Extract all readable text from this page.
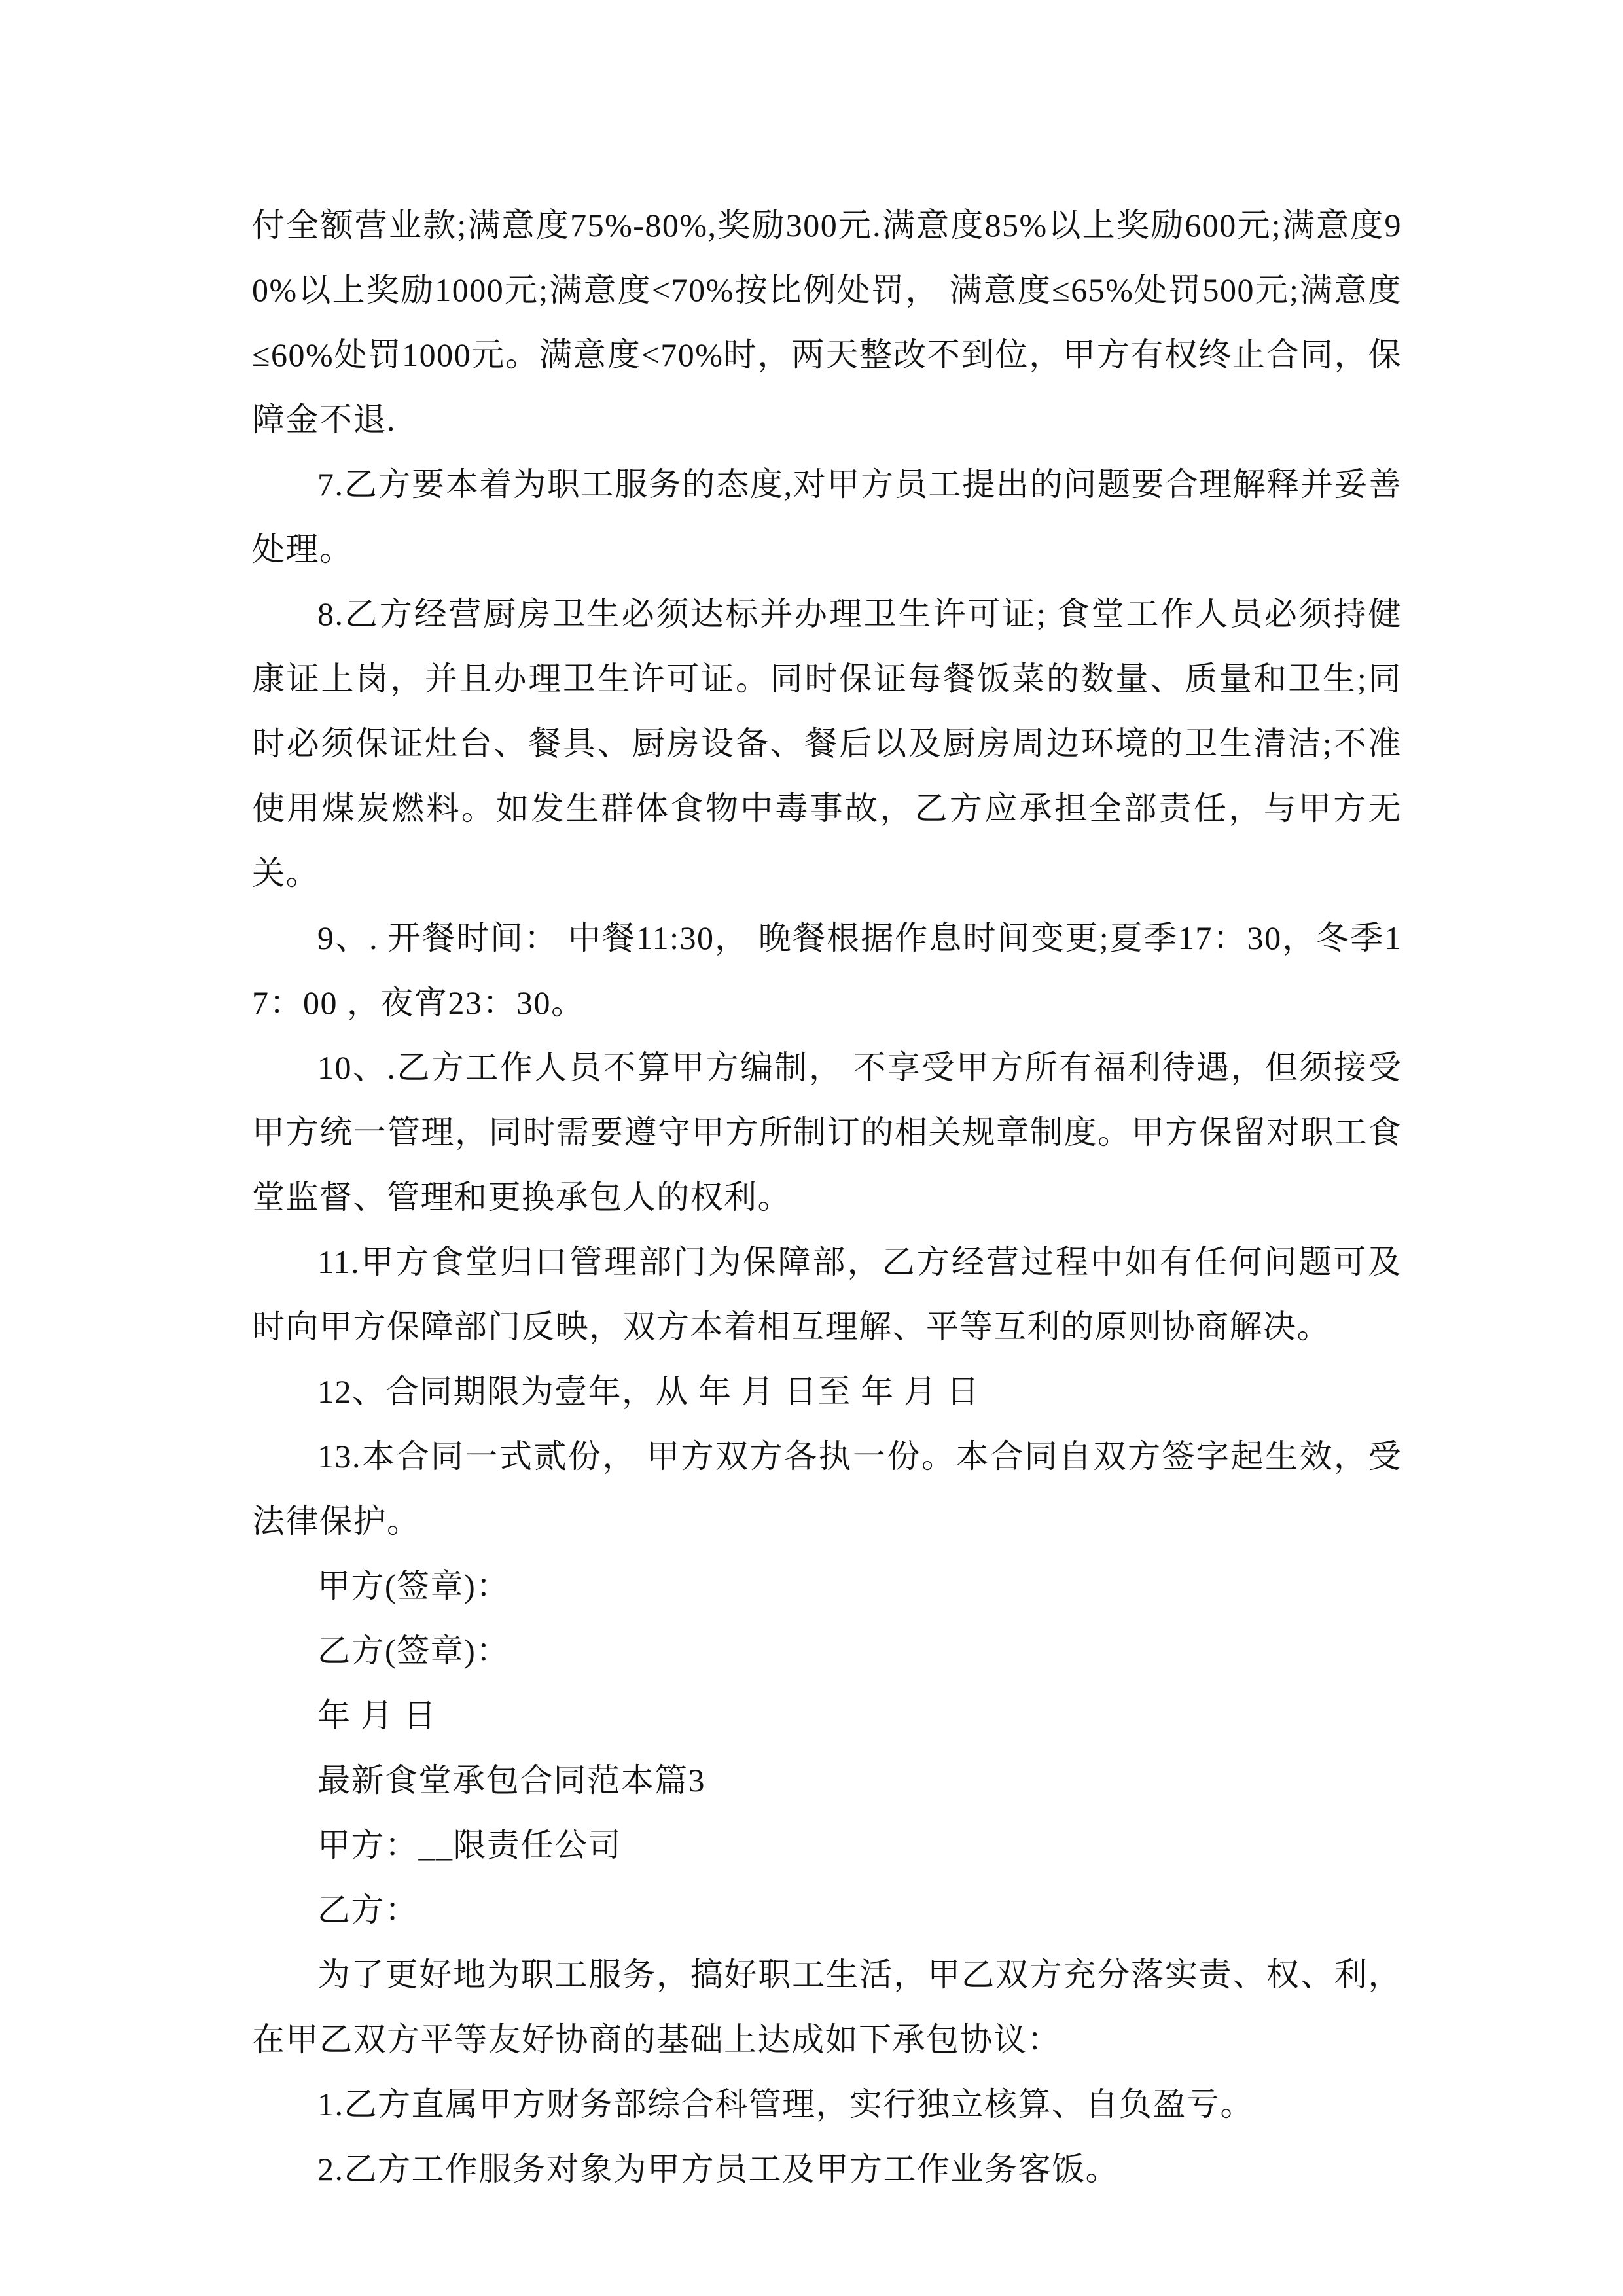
付全额营业款;满意度75%-80%,奖励300元.满意度85%以上奖励600元;满意度90%以上奖励1000元;满意度<70%按比例处罚， 满意度≤65%处罚500元;满意度≤60%处罚1000元。满意度<70%时，两天整改不到位，甲方有权终止合同，保障金不退.

7.乙方要本着为职工服务的态度,对甲方员工提出的问题要合理解释并妥善处理。

8.乙方经营厨房卫生必须达标并办理卫生许可证; 食堂工作人员必须持健康证上岗，并且办理卫生许可证。同时保证每餐饭菜的数量、质量和卫生;同时必须保证灶台、餐具、厨房设备、餐后以及厨房周边环境的卫生清洁;不准使用煤炭燃料。如发生群体食物中毒事故，乙方应承担全部责任，与甲方无关。

9、. 开餐时间： 中餐11:30， 晚餐根据作息时间变更;夏季17：30，冬季17：00 ，夜宵23：30。

10、.乙方工作人员不算甲方编制， 不享受甲方所有福利待遇，但须接受甲方统一管理，同时需要遵守甲方所制订的相关规章制度。甲方保留对职工食堂监督、管理和更换承包人的权利。

11.甲方食堂归口管理部门为保障部，乙方经营过程中如有任何问题可及时向甲方保障部门反映，双方本着相互理解、平等互利的原则协商解决。

12、合同期限为壹年，从 年 月 日至 年 月 日

13.本合同一式贰份， 甲方双方各执一份。本合同自双方签字起生效，受法律保护。

甲方(签章)：

乙方(签章)：

年 月 日

最新食堂承包合同范本篇3

甲方：__限责任公司

乙方：

为了更好地为职工服务，搞好职工生活，甲乙双方充分落实责、权、利，在甲乙双方平等友好协商的基础上达成如下承包协议：

1.乙方直属甲方财务部综合科管理，实行独立核算、自负盈亏。

2.乙方工作服务对象为甲方员工及甲方工作业务客饭。
